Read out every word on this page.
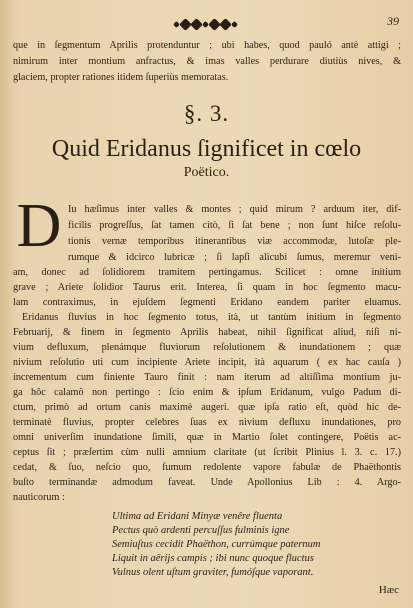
39
que in ſegmentum Aprilis protenduntur ; ubi habes, quod pauló antè attigi ;
nimirum inter montium anfractus, & imas valles perdurare diutiùs nives, &
glaciem, propter rationes itidem ſuperiùs memoratas.
§. 3.
Quid Eridanus ſignificet in cœlo
Poëtico.
D Iu hæſimus inter valles & montes ; quid mirum ? arduum iter, dif-
ficilis progreſſus, ſat tamen citò, ſi ſat bene ; non ſunt hiſce reſolu-
tionis vernæ temporibus itinerantibus viæ accommodæ, lutoſæ ple-
rumque & idcirco lubricæ ; ſi lapſi alicubi ſumus, meremur veni-
am, donec ad ſolidiorem tramitem pertingamus. Scilicet : omne initium
grave ; Ariete ſolidior Taurus erit. Interea, ſi quam in hoc ſegmento macu-
lam contraximus, in ejuſdem ſegmenti Eridano eandem pariter eluamus.
Eridanus fluvius in hoc ſegmento totus, ità, ut tantùm initium in ſegmento
Februarij, & finem in ſegmento Aprilis habeat, nihil ſignificat aliud, niſi ni-
vium defluxum, plenámque fluviorum reſolutionem & inundationem ; quæ
nivium reſolutio uti cum incipiente Ariete incipit, ità aquarum ( ex hac cauſa )
incrementum cum finiente Tauro finit : nam iterum ad altiſſima montium ju-
ga hôc calamô non pertingo : ſcio enim & ipſum Eridanum, vulgo Padum di-
ctum, primò ad ortum canis maximè augeri. quæ ipſa ratio eſt, quòd hic de-
terminatè fluvius, propter celebres ſuas ex nivium defluxu inundationes, pro
omni univerſim inundatione ſimili, quæ in Martio ſolet contingere, Poëtis ac-
ceptus ſit ; præſertim cùm nulli amnium claritate (ut ſcribit Plinius l. 3. c. 17.)
cedat, & ſuo, neſcio quo, fumum redolente vapore fabulæ de Phaëthontis
buſto terminandæ admodum faveat. Unde Apollonius Lib : 4. Argo-
nauticorum :
Ultima ad Eridani Minyæ venêre fluenta
Pectus quò ardenti percuſſus fulminis igne
Semiuſtus cecidit Phaëthon, currúmque paternum
Liquit in aërijs campis ; ibi nunc quoque fluctus
Vulnus olent uſtum graviter, fumóſque vaporant.
Hæc
